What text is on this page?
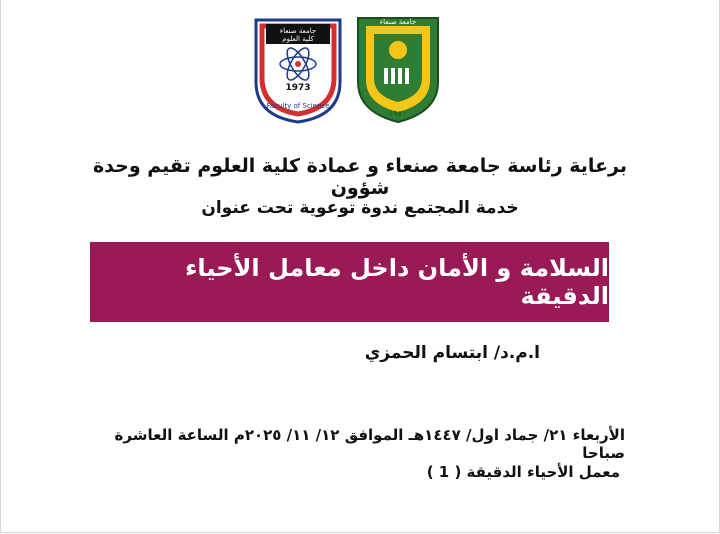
١٩٧٠
جامعة صنعاء
جامعة صنعاء
كلية العلوم
1973
Faculty of Science
برعاية رئاسة جامعة صنعاء و عمادة كلية العلوم تقيم وحدة شؤون
خدمة المجتمع ندوة توعوية تحت عنوان
السلامة و الأمان داخل معامل الأحياء الدقيقة
ا.م.د/ ابتسام الحمزي
الأربعاء ٢١/ جماد اول/ ١٤٤٧هـ الموافق ١٢/ ١١/ ٢٠٢٥م الساعة العاشرة صباحا
معمل الأحياء الدقيقة ( 1 )
